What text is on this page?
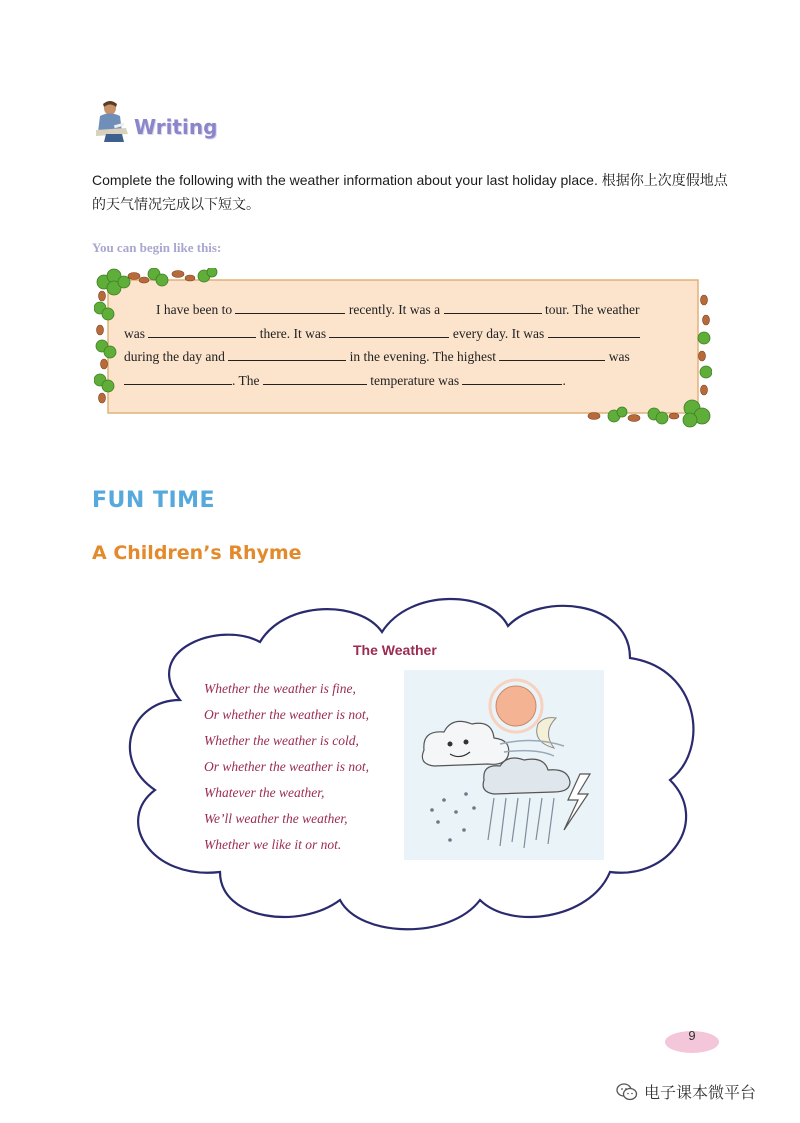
Writing
Complete the following with the weather information about your last holiday place. 根据你上次度假地点的天气情况完成以下短文。
You can begin like this:

I have been to	recently. It was a	tour. The weather

was	there. It was	every day. It was

during the day and	in the evening. The highest	was

. The	temperature was	.

FUN TIME
A Children’s Rhyme
The Weather
Whether the weather is fine,
Or whether the weather is not,
Whether the weather is cold,
Or whether the weather is not,
Whatever the weather,
We’ll weather the weather,
Whether we like it or not.
9
电子课本微平台
